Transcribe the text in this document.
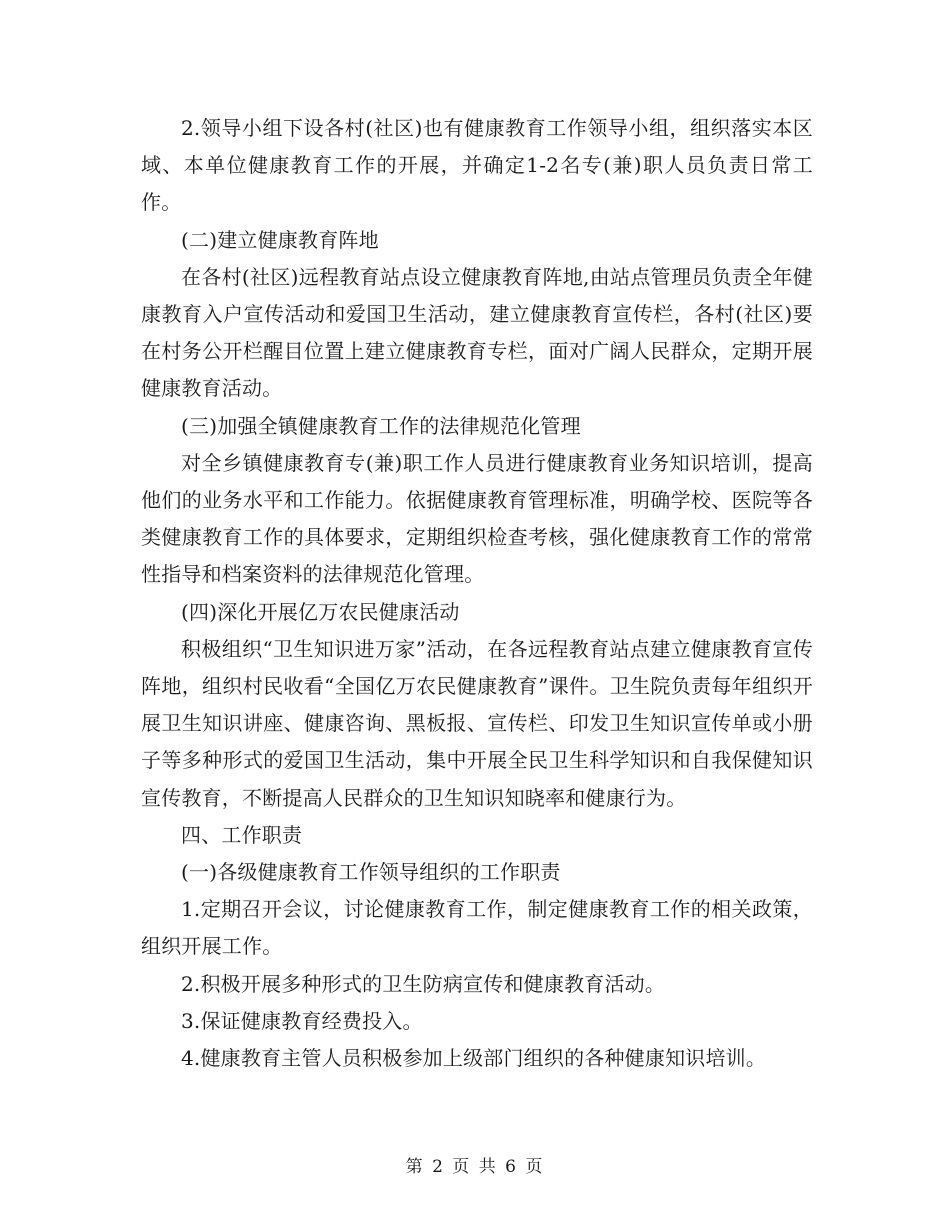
2.领导小组下设各村(社区)也有健康教育工作领导小组，组织落实本区域、本单位健康教育工作的开展，并确定1-2名专(兼)职人员负责日常工作。

(二)建立健康教育阵地

在各村(社区)远程教育站点设立健康教育阵地,由站点管理员负责全年健康教育入户宣传活动和爱国卫生活动，建立健康教育宣传栏，各村(社区)要在村务公开栏醒目位置上建立健康教育专栏，面对广阔人民群众，定期开展健康教育活动。

(三)加强全镇健康教育工作的法律规范化管理

对全乡镇健康教育专(兼)职工作人员进行健康教育业务知识培训，提高他们的业务水平和工作能力。依据健康教育管理标准，明确学校、医院等各类健康教育工作的具体要求，定期组织检查考核，强化健康教育工作的常常性指导和档案资料的法律规范化管理。

(四)深化开展亿万农民健康活动

积极组织“卫生知识进万家”活动，在各远程教育站点建立健康教育宣传阵地，组织村民收看“全国亿万农民健康教育”课件。卫生院负责每年组织开展卫生知识讲座、健康咨询、黑板报、宣传栏、印发卫生知识宣传单或小册子等多种形式的爱国卫生活动，集中开展全民卫生科学知识和自我保健知识宣传教育，不断提高人民群众的卫生知识知晓率和健康行为。

四、工作职责

(一)各级健康教育工作领导组织的工作职责

1.定期召开会议，讨论健康教育工作，制定健康教育工作的相关政策，组织开展工作。

2.积极开展多种形式的卫生防病宣传和健康教育活动。

3.保证健康教育经费投入。

4.健康教育主管人员积极参加上级部门组织的各种健康知识培训。

第 2 页 共 6 页
